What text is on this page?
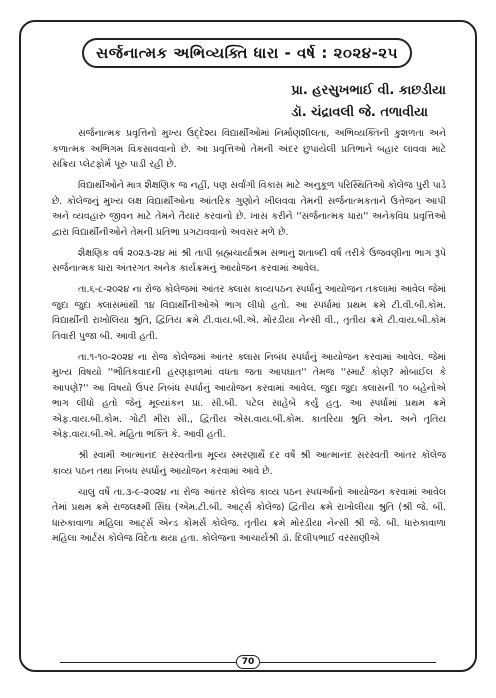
સર્જનાત્મક અભિવ્યક્તિ ધારા - વર્ષ : ૨૦૨૪-૨૫
પ્રા. હરસુખભાઈ વી. કાછડીયા
ડૉ. ચંદ્રાવલી જે. તળાવીયા

સર્જનાત્મક પ્રવૃત્તિનો મુખ્ય ઉદ્દેશ્ય વિદ્યાર્થીઓમાં નિર્માણશીલતા, અભિવ્યક્તિની કુશળતા અને કળાત્મક અભિગમ વિકસાવવાનો છે. આ પ્રવૃત્તિઓ તેમની અંદર છુપાયેલી પ્રતિભાને બહાર લાવવા માટે સક્રિય પ્લેટફોર્મ પૂરુ પાડી રહી છે.

વિદ્યાર્થીઓને માત્ર શૈક્ષણિક જ નહીં, પણ સર્વાંગી વિકાસ માટે અનુકૂળ પરિસ્થિતિઓ કોલેજ પુરી પાડે છે. કોલેજનું મુખ્ય લક્ષ વિદ્યાર્થીઓના આંતરિક ગુણોને ખીલવવા તેમની સર્જનાત્મકતાને ઉત્તેજન આપી અને વ્યવહારુ જીવન માટે તેમને તૈયાર કરવાનો છે. ખાસ કરીને ''સર્જનાત્મક ધારા'' અનેકવિધ પ્રવૃત્તિઓ દ્વારા વિદ્યાર્થીનીઓને તેમની પ્રતિભા પ્રગટાવવાનો અવસર મળે છે.

શૈક્ષણિક વર્ષ ૨૦૨૩-૨૪ માં શ્રી તાપી બ્રહ્મચાર્યાશ્રમ સભાનું શતાબ્દી વર્ષ તરીકે ઉજવણીના ભાગ રૂપે સર્જનાત્મક ધારા અંતરગત અનેક કાર્યક્રમનું આયોજન કરવામાં આવેલ.

તા.૬-૮-૨૦૨૪ ના રોજ કોલેજમાં આંતર ક્લાસ કાવ્યપઠન સ્પર્ધાનું આયોજન તકલામાં આવેલ જેમાં જુદા જુદા ક્લાસમાંથી ૧૪ વિદ્યાર્થીનીઓએ ભાગ લીધો હતો. આ સ્પર્ધામાં પ્રથમ ક્રમે ટી.વી.બી.કોમ. વિદ્યાર્થીની રાખોલિયા શ્રુતિ, દ્વિતિય ક્રમે ટી.વાય.બી.એ. મોરડીયા નેન્સી વી., તૃતીય ક્રમે ટી.વાય.બી.કોમ તિવારી પુજા બી. આવી હતી.

તા.૧-૧૦-૨૦૨૪ ના રોજ કોલેજમાં આંતર ક્લાસ નિબંધ સ્પર્ધાનું આયોજન કરવામાં આવેલ. જેમાં મુખ્ય વિષયો ''ભૌતિકવાદની હરણફાળમાં વધતા જતા આપઘાત'' તેમજ ''સ્માર્ટ કોણ? મોબાઈલ કે આપણે?'' આ વિષયો ઉપર નિબંધ સ્પર્ધાનું આયોજન કરવામાં આવેલ. જુદા જુદા ક્લાસની ૧૦ બહેનોએ ભાગ લીધો હતો જેનું મૂલ્યાંકન પ્રા. સી.બી. પટેલ સાહેબે કર્યું હતુ. આ સ્પર્ધામાં પ્રથમ ક્રમે એફ.વાય.બી.કોમ. ગોટી મીરા સી., દ્વિતીય એસ.વાય.બી.કોમ. કાતરિયા શ્રુતિ એન. અને તૃતિય એફ.વાય.બી.એ. મહિતા ભક્તિ કે. આવી હતી.

શ્રી સ્વામી આત્માનંદ સરસ્વતીના મૂલ્ય સ્મરણાર્થે દર વર્ષે શ્રી આત્માનંદ સરસ્વતી આંતર કોલેજ કાવ્ય પઠન તથા નિબંધ સ્પર્ધાનું આયોજન કરવામાં આવે છે.

ચાલુ વર્ષે તા.૩-૯-૨૦૨૪ ના રોજ આંતર કોલેજ કાવ્ય પઠન સ્પધર્આનો આયોજન કરવામાં આવેલ તેમાં પ્રથમ ક્રમે રાજલક્ષ્મી સિંઘ (એમ.ટી.બી. આર્ટ્સ કોલેજ) દ્વિતીય ક્રમે રાખોલીયા શ્રુતિ (શ્રી જે. બી. ધારુકાવાળા મહિલા આર્ટ્સ એન્ડ કોમર્સ કોલેજ. તૃતીય ક્રમે મોરડીયા નેન્સી શ્રી જે. બી. ધારુકાવાળા મહિલા આર્ટસ કોલેજ વિદેતા થયા હતા. કોલેજના આચાર્યશ્રી ડૉ. દિલીપભાઈ વરસાણીએ

70
